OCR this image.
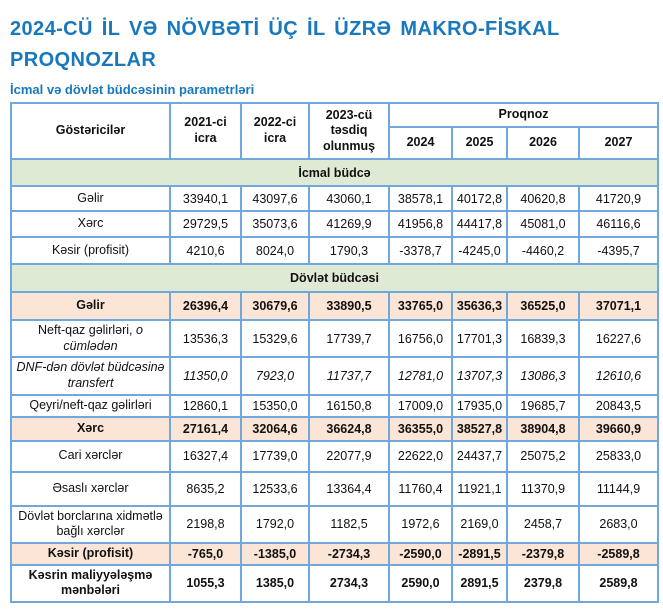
2024-CÜ İL VƏ NÖVBƏTİ ÜÇ İL ÜZRƏ MAKRO-FİSKAL PROQNOZLAR
İcmal və dövlət büdcəsinin parametrləri
Göstəricilər	2021-ci icra	2022-ci icra	2023-cü təsdiq olunmuş	Proqnoz			
				2024	2025	2026	2027
İcmal büdcə							
Gəlir	33940,1	43097,6	43060,1	38578,1	40172,8	40620,8	41720,9
Xərc	29729,5	35073,6	41269,9	41956,8	44417,8	45081,0	46116,6
Kəsir (profisit)	4210,6	8024,0	1790,3	-3378,7	-4245,0	-4460,2	-4395,7
Dövlət büdcəsi							
Gəlir	26396,4	30679,6	33890,5	33765,0	35636,3	36525,0	37071,1
Neft-qaz gəlirləri, o cümlədən	13536,3	15329,6	17739,7	16756,0	17701,3	16839,3	16227,6
DNF-dən dövlət büdcəsinə transfert	11350,0	7923,0	11737,7	12781,0	13707,3	13086,3	12610,6
Qeyri/neft-qaz gəlirləri	12860,1	15350,0	16150,8	17009,0	17935,0	19685,7	20843,5
Xərc	27161,4	32064,6	36624,8	36355,0	38527,8	38904,8	39660,9
Cari xərclər	16327,4	17739,0	22077,9	22622,0	24437,7	25075,2	25833,0
Əsaslı xərclər	8635,2	12533,6	13364,4	11760,4	11921,1	11370,9	11144,9
Dövlət borclarına xidmətlə bağlı xərclər	2198,8	1792,0	1182,5	1972,6	2169,0	2458,7	2683,0
Kəsir (profisit)	-765,0	-1385,0	-2734,3	-2590,0	-2891,5	-2379,8	-2589,8
Kəsrin maliyyələşmə mənbələri	1055,3	1385,0	2734,3	2590,0	2891,5	2379,8	2589,8
